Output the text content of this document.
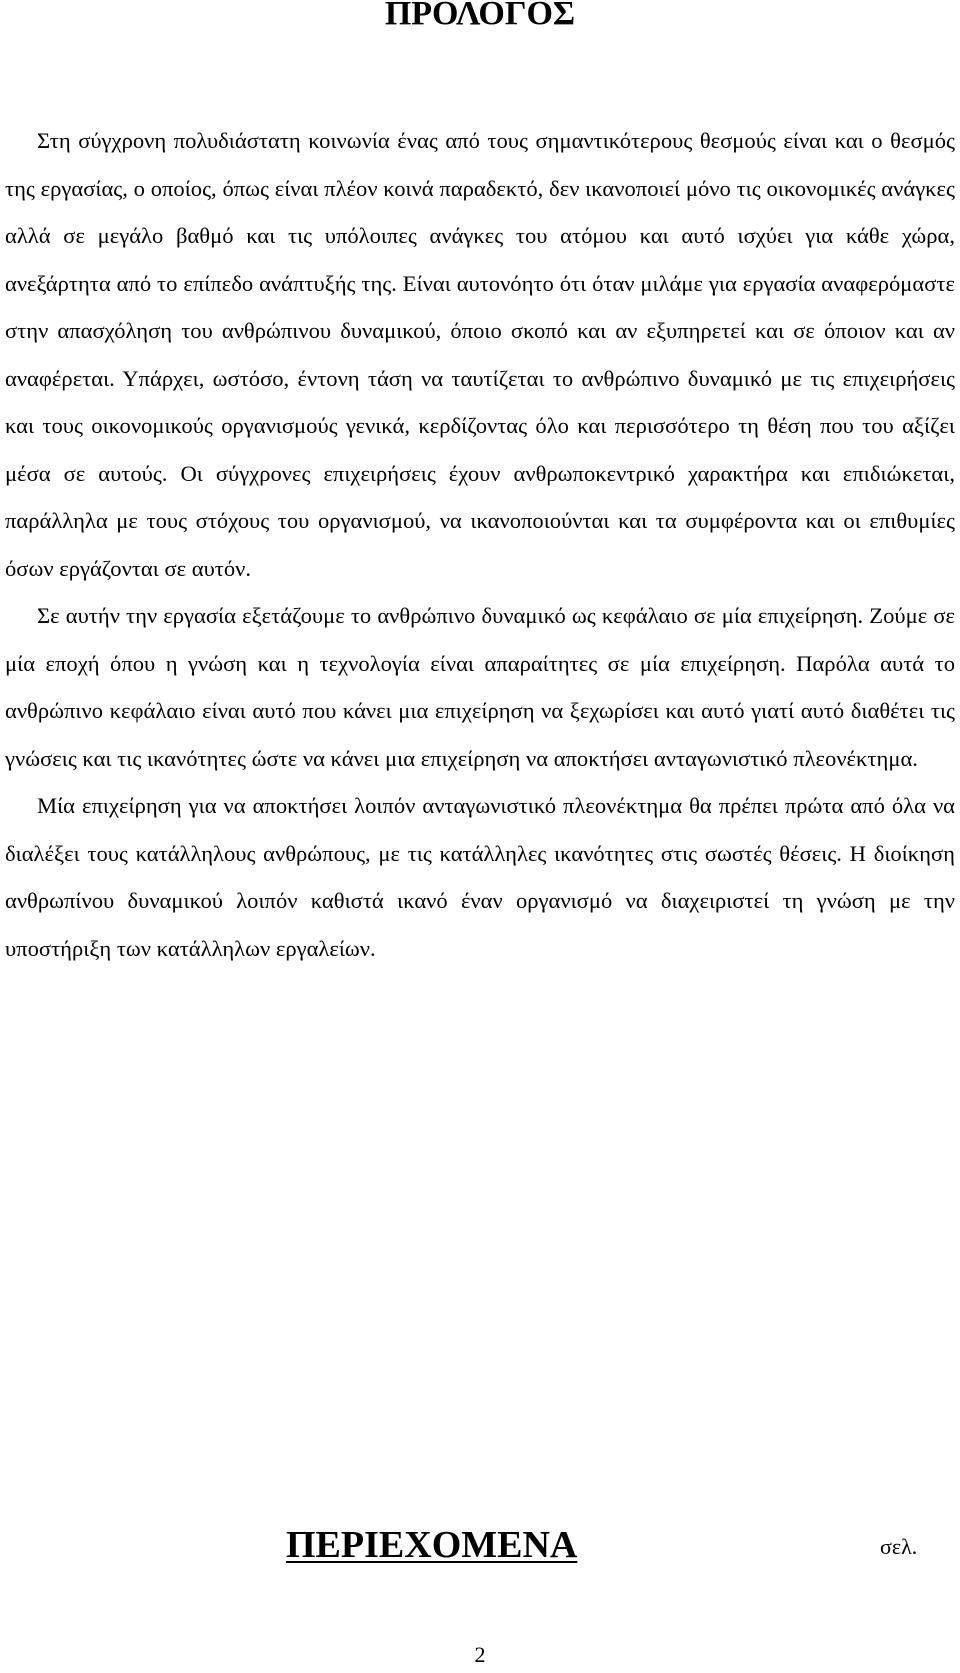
ΠΡΟΛΟΓΟΣ

Στη σύγχρονη πολυδιάστατη κοινωνία ένας από τους σημαντικότερους θεσμούς είναι και ο θεσμός της εργασίας, ο οποίος, όπως είναι πλέον κοινά παραδεκτό, δεν ικανοποιεί μόνο τις οικονομικές ανάγκες αλλά σε μεγάλο βαθμό και τις υπόλοιπες ανάγκες του ατόμου και αυτό ισχύει για κάθε χώρα, ανεξάρτητα από το επίπεδο ανάπτυξής της. Είναι αυτονόητο ότι όταν μιλάμε για εργασία αναφερόμαστε στην απασχόληση του ανθρώπινου δυναμικού, όποιο σκοπό και αν εξυπηρετεί και σε όποιον και αν αναφέρεται. Υπάρχει, ωστόσο, έντονη τάση να ταυτίζεται το ανθρώπινο δυναμικό με τις επιχειρήσεις και τους οικονομικούς οργανισμούς γενικά, κερδίζοντας όλο και περισσότερο τη θέση που του αξίζει μέσα σε αυτούς. Οι σύγχρονες επιχειρήσεις έχουν ανθρωποκεντρικό χαρακτήρα και επιδιώκεται, παράλληλα με τους στόχους του οργανισμού, να ικανοποιούνται και τα συμφέροντα και οι επιθυμίες όσων εργάζονται σε αυτόν.

Σε αυτήν την εργασία εξετάζουμε το ανθρώπινο δυναμικό ως κεφάλαιο σε μία επιχείρηση. Ζούμε σε μία εποχή όπου η γνώση και η τεχνολογία είναι απαραίτητες σε μία επιχείρηση. Παρόλα αυτά το ανθρώπινο κεφάλαιο είναι αυτό που κάνει μια επιχείρηση να ξεχωρίσει και αυτό γιατί αυτό διαθέτει τις γνώσεις και τις ικανότητες ώστε να κάνει μια επιχείρηση να αποκτήσει ανταγωνιστικό πλεονέκτημα.

Μία επιχείρηση για να αποκτήσει λοιπόν ανταγωνιστικό πλεονέκτημα θα πρέπει πρώτα από όλα να διαλέξει τους κατάλληλους ανθρώπους, με τις κατάλληλες ικανότητες στις σωστές θέσεις. Η διοίκηση ανθρωπίνου δυναμικού λοιπόν καθιστά ικανό έναν οργανισμό να διαχειριστεί τη γνώση με την υποστήριξη των κατάλληλων εργαλείων.

ΠΕΡΙΕΧΟΜΕΝΑ	σελ.
2
